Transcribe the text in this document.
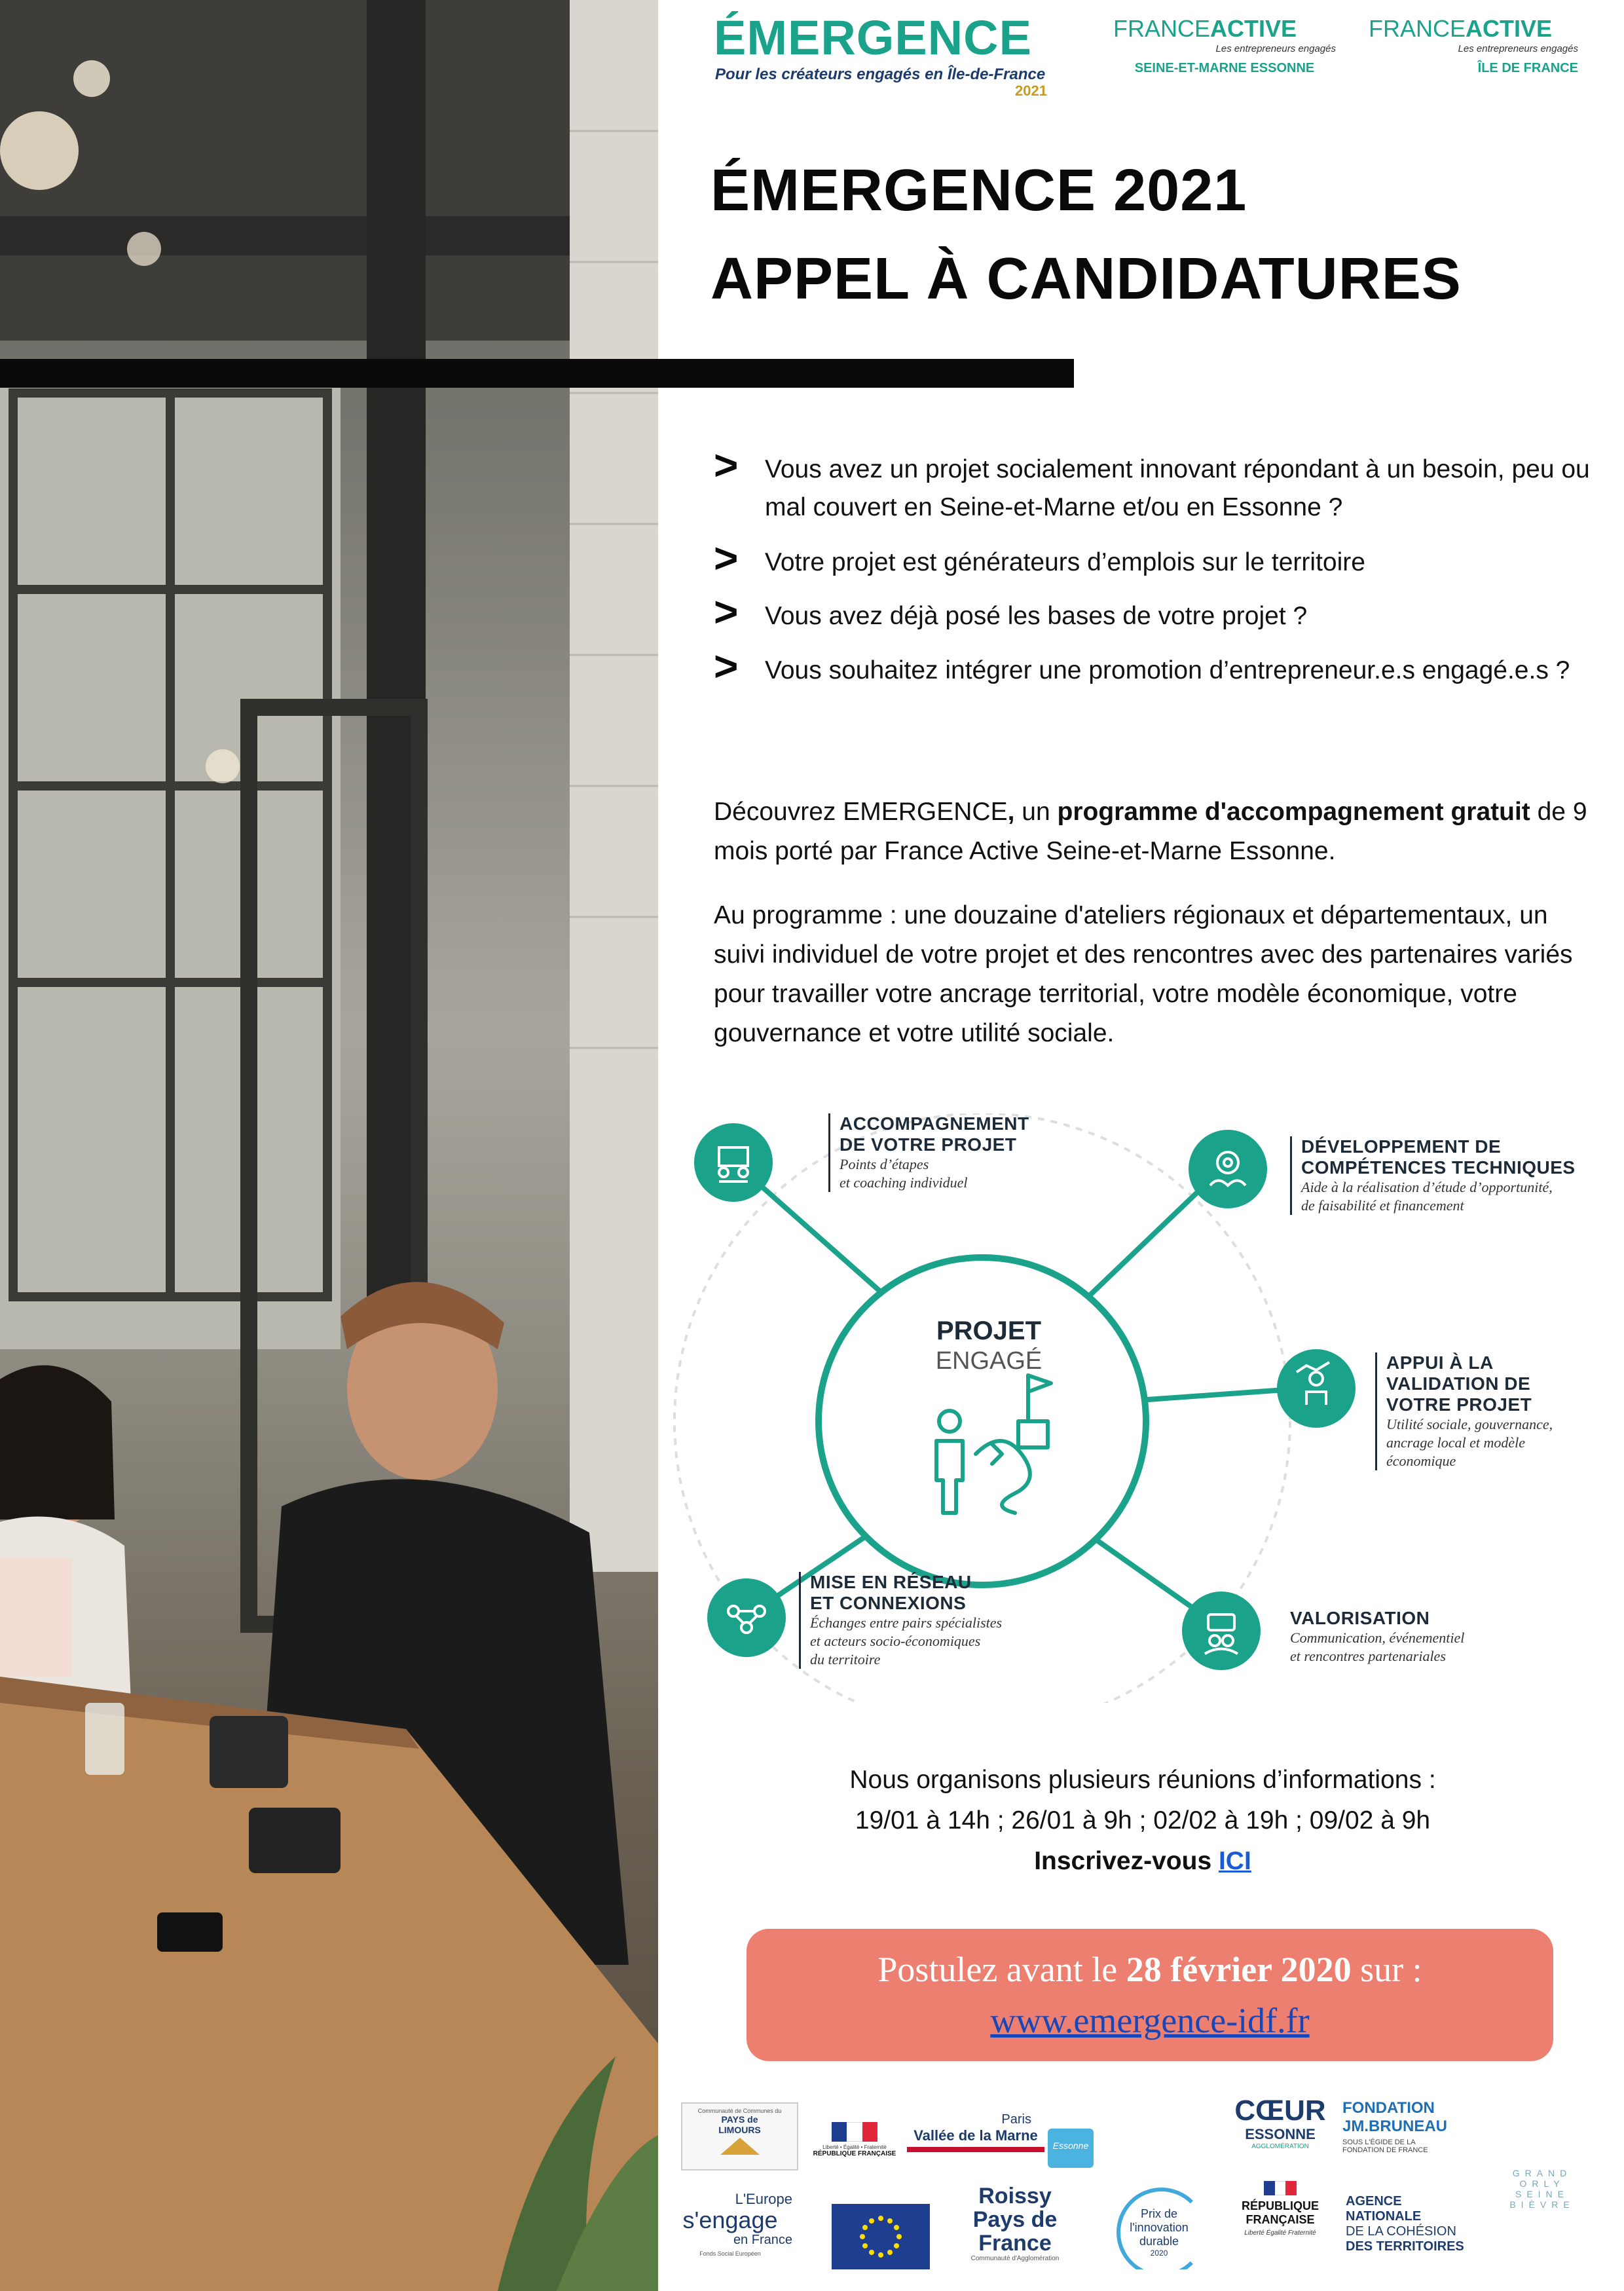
ÉMERGENCE
Pour les créateurs engagés en Île-de-France
2021
FRANCEACTIVE
Les entrepreneurs engagés
SEINE-ET-MARNE ESSONNE
FRANCEACTIVE
Les entrepreneurs engagés
ÎLE DE FRANCE
ÉMERGENCE 2021
APPEL À CANDIDATURES
> Vous avez un projet socialement innovant répondant à un besoin, peu ou mal couvert en Seine-et-Marne et/ou en Essonne ?
> Votre projet est générateurs d’emplois sur le territoire
> Vous avez déjà posé les bases de votre projet ?
> Vous souhaitez intégrer une promotion d’entrepreneur.e.s engagé.e.s ?
Découvrez EMERGENCE, un programme d'accompagnement gratuit de 9 mois porté par France Active Seine-et-Marne Essonne.
Au programme : une douzaine d'ateliers régionaux et départementaux, un suivi individuel de votre projet et des rencontres avec des partenaires variés pour travailler votre ancrage territorial, votre modèle économique, votre gouvernance et votre utilité sociale.
PROJET
ENGAGÉ
ACCOMPAGNEMENT
DE VOTRE PROJET
Points d’étapes
et coaching individuel
DÉVELOPPEMENT DE
COMPÉTENCES TECHNIQUES
Aide à la réalisation d’étude d’opportunité,
de faisabilité et financement
APPUI À LA
VALIDATION DE
VOTRE PROJET
Utilité sociale, gouvernance,
ancrage local et modèle
économique
VALORISATION
Communication, événementiel
et rencontres partenariales
MISE EN RÉSEAU
ET CONNEXIONS
Échanges entre pairs spécialistes
et acteurs socio-économiques
du territoire
Nous organisons plusieurs réunions d’informations :
19/01 à 14h ; 26/01 à 9h ; 02/02 à 19h ; 09/02 à 9h
Inscrivez-vous ICI
Postulez avant le 28 février 2020 sur :
www.emergence-idf.fr
Communauté de Communes du
PAYS de
LIMOURS
Liberté • Égalité • Fraternité
RÉPUBLIQUE FRANÇAISE
Paris
Vallée de la Marne
Essonne
CŒUR
ESSONNE
AGGLOMÉRATION
FONDATION
JM.BRUNEAU
SOUS L'ÉGIDE DE LA
FONDATION DE FRANCE
L'Europe
s'engage
en France
Fonds Social Européen
Roissy
Pays de
France
Communauté d'Agglomération
Prix de
l'innovation
durable
2020
RÉPUBLIQUE
FRANÇAISE
Liberté Égalité Fraternité
AGENCE
NATIONALE
DE LA COHÉSION
DES TERRITOIRES
GRAND
ORLY
SEINE
BIÈVRE
